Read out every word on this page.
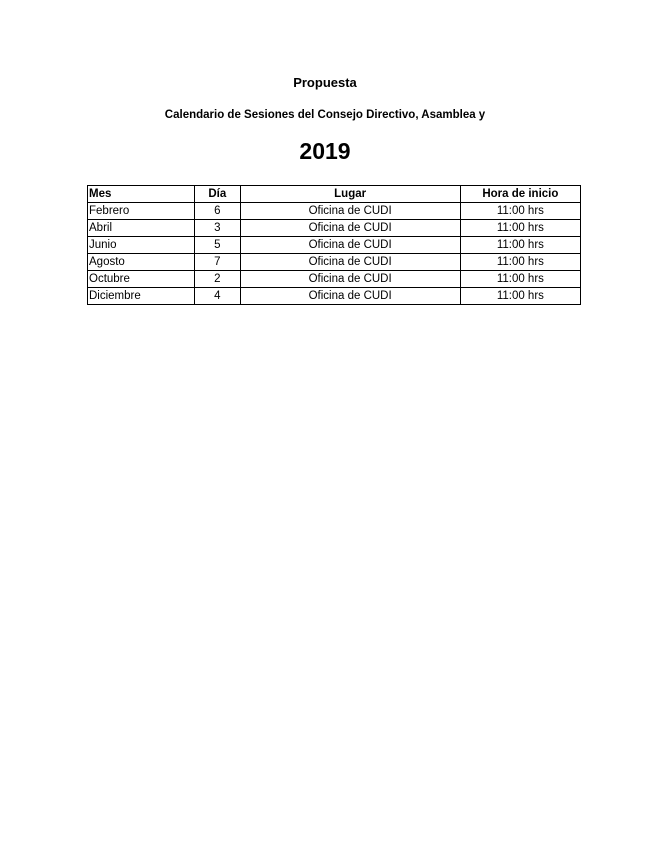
Propuesta
Calendario de Sesiones del Consejo Directivo, Asamblea y
2019
Mes	Día	Lugar	Hora de inicio
Febrero	6	Oficina de CUDI	11:00 hrs
Abril	3	Oficina de CUDI	11:00 hrs
Junio	5	Oficina de CUDI	11:00 hrs
Agosto	7	Oficina de CUDI	11:00 hrs
Octubre	2	Oficina de CUDI	11:00 hrs
Diciembre	4	Oficina de CUDI	11:00 hrs
